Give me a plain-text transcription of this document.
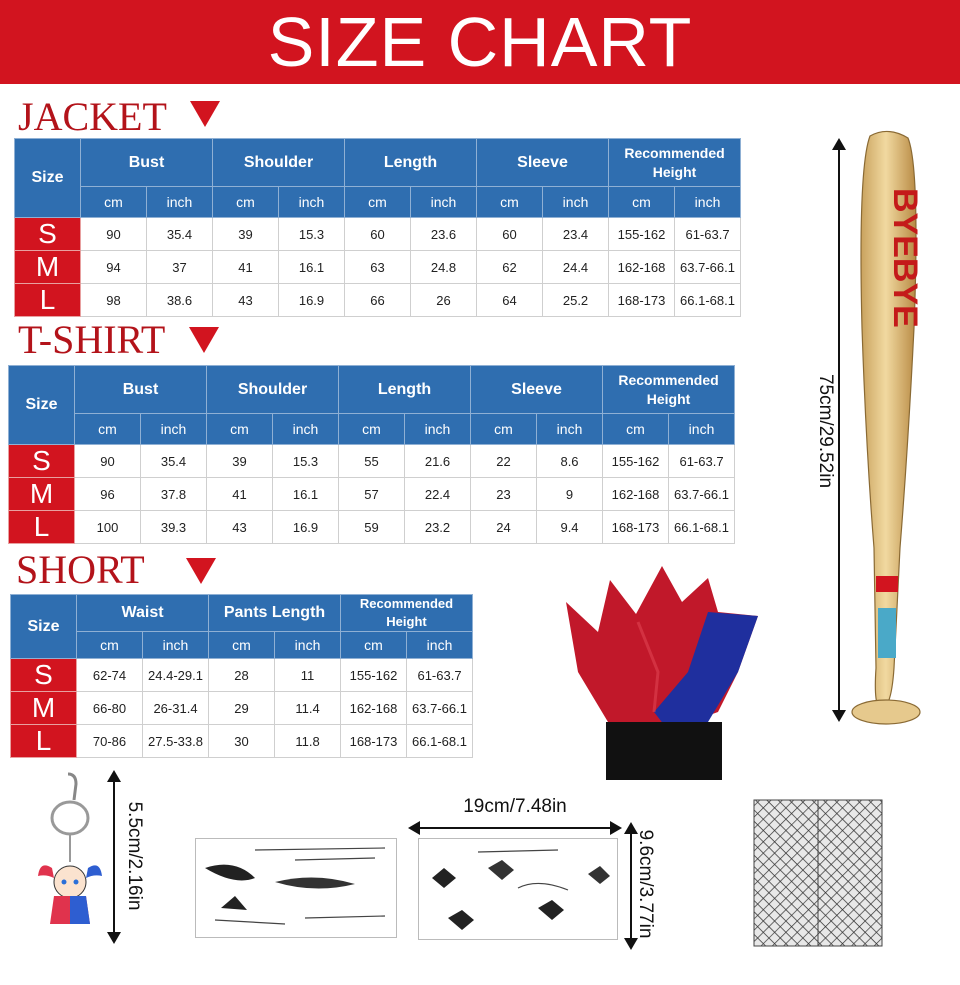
SIZE CHART
JACKET
Size	Bust		Shoulder		Length		Sleeve		Recommended Height	
	cm	inch	cm	inch	cm	inch	cm	inch	cm	inch
S	90	35.4	39	15.3	60	23.6	60	23.4	155-162	61-63.7
M	94	37	41	16.1	63	24.8	62	24.4	162-168	63.7-66.1
L	98	38.6	43	16.9	66	26	64	25.2	168-173	66.1-68.1
T-SHIRT
Size	Bust		Shoulder		Length		Sleeve		Recommended Height	
	cm	inch	cm	inch	cm	inch	cm	inch	cm	inch
S	90	35.4	39	15.3	55	21.6	22	8.6	155-162	61-63.7
M	96	37.8	41	16.1	57	22.4	23	9	162-168	63.7-66.1
L	100	39.3	43	16.9	59	23.2	24	9.4	168-173	66.1-68.1
SHORT
Size	Waist		Pants Length		Recommended Height	
	cm	inch	cm	inch	cm	inch
S	62-74	24.4-29.1	28	11	155-162	61-63.7
M	66-80	26-31.4	29	11.4	162-168	63.7-66.1
L	70-86	27.5-33.8	30	11.8	168-173	66.1-68.1
75cm/29.52in
BYEBYE
5.5cm/2.16in	19cm/7.48in
9.6cm/3.77in
